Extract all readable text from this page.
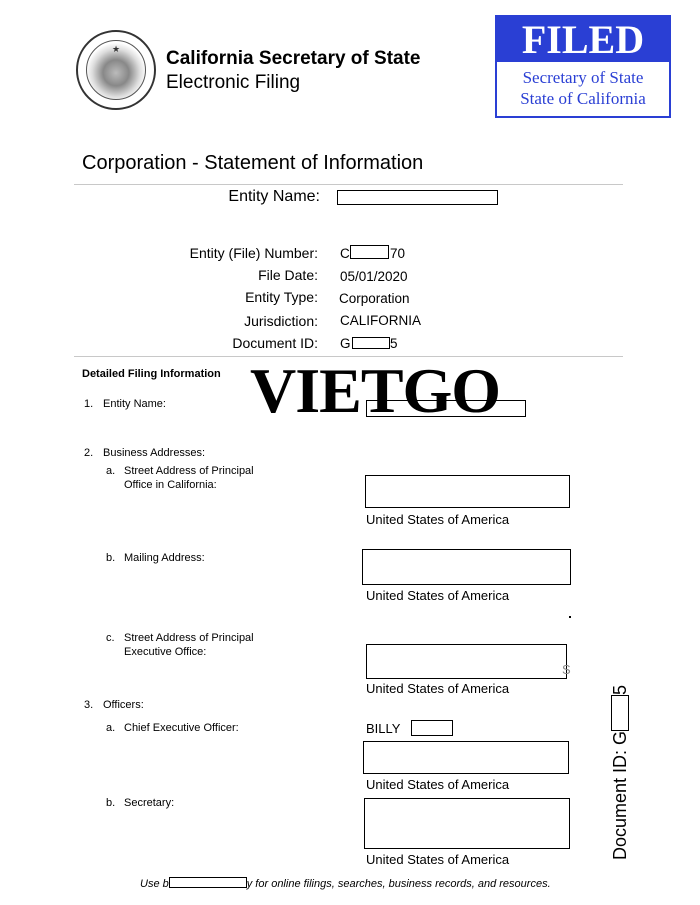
★ California Secretary of State
Electronic Filing
FILED
Secretary of State
State of California
Corporation - Statement of Information
Entity Name:
Entity (File) Number: C	70
File Date: 05/01/2020
Entity Type: Corporation
Jurisdiction: CALIFORNIA
Document ID: G	5
Detailed Filing Information
1. Entity Name: VIETGO
2. Business Addresses:
a. Street Address of Principal
Office in California:
United States of America
b. Mailing Address:
United States of America
c. Street Address of Principal
Executive Office:
S
United States of America
3. Officers:
a. Chief Executive Officer:	BILLY
United States of America
b. Secretary:
United States of America
Use b	y for online filings, searches, business records, and resources.
Document ID: G5
